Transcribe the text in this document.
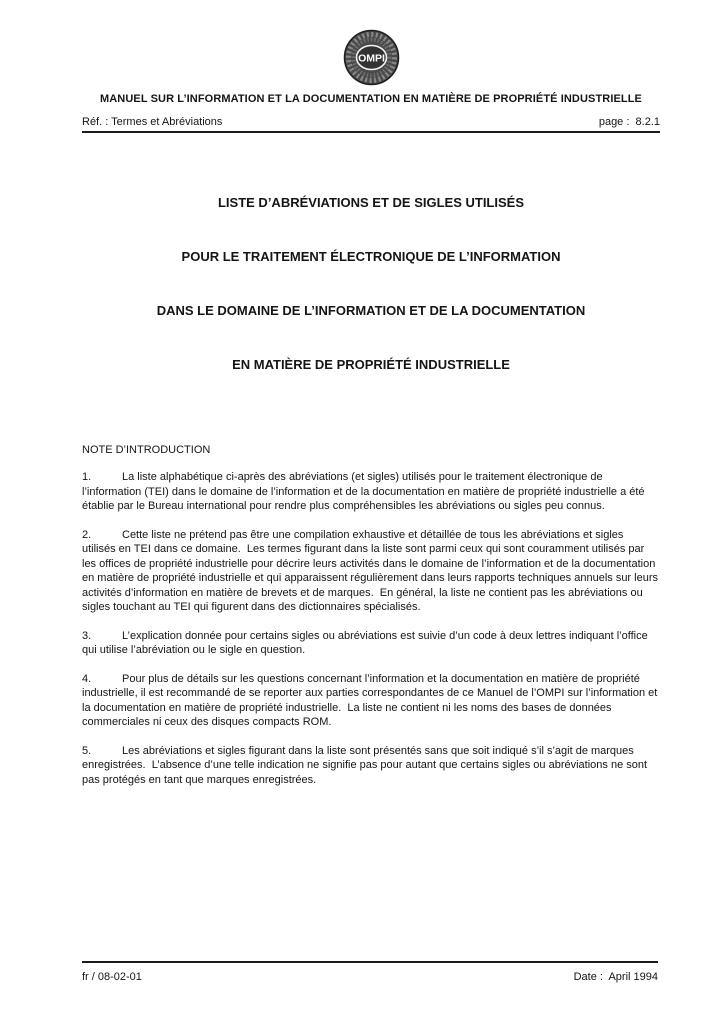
OMPI
MANUEL SUR L’INFORMATION ET LA DOCUMENTATION EN MATIÈRE DE PROPRIÉTÉ INDUSTRIELLE
Réf. : Termes et Abréviations	page :  8.2.1

LISTE D’ABRÉVIATIONS ET DE SIGLES UTILISÉS

POUR LE TRAITEMENT ÉLECTRONIQUE DE L’INFORMATION

DANS LE DOMAINE DE L’INFORMATION ET DE LA DOCUMENTATION

EN MATIÈRE DE PROPRIÉTÉ INDUSTRIELLE

NOTE D’INTRODUCTION

1.	La liste alphabétique ci-après des abréviations (et sigles) utilisés pour le traitement électronique de l’information (TEI) dans le domaine de l’information et de la documentation en matière de propriété industrielle a été établie par le Bureau international pour rendre plus compréhensibles les abréviations ou sigles peu connus.

2.	Cette liste ne prétend pas être une compilation exhaustive et détaillée de tous les abréviations et sigles utilisés en TEI dans ce domaine.  Les termes figurant dans la liste sont parmi ceux qui sont couramment utilisés par les offices de propriété industrielle pour décrire leurs activités dans le domaine de l’information et de la documentation en matière de propriété industrielle et qui apparaissent régulièrement dans leurs rapports techniques annuels sur leurs activités d’information en matière de brevets et de marques.  En général, la liste ne contient pas les abréviations ou sigles touchant au TEI qui figurent dans des dictionnaires spécialisés.

3.	L’explication donnée pour certains sigles ou abréviations est suivie d’un code à deux lettres indiquant l’office qui utilise l’abréviation ou le sigle en question.

4.	Pour plus de détails sur les questions concernant l’information et la documentation en matière de propriété industrielle, il est recommandé de se reporter aux parties correspondantes de ce Manuel de l’OMPI sur l’information et la documentation en matière de propriété industrielle.  La liste ne contient ni les noms des bases de données commerciales ni ceux des disques compacts ROM.

5.	Les abréviations et sigles figurant dans la liste sont présentés sans que soit indiqué s’il s’agit de marques enregistrées.  L’absence d’une telle indication ne signifie pas pour autant que certains sigles ou abréviations ne sont pas protégés en tant que marques enregistrées.

fr / 08-02-01	Date :  April 1994
